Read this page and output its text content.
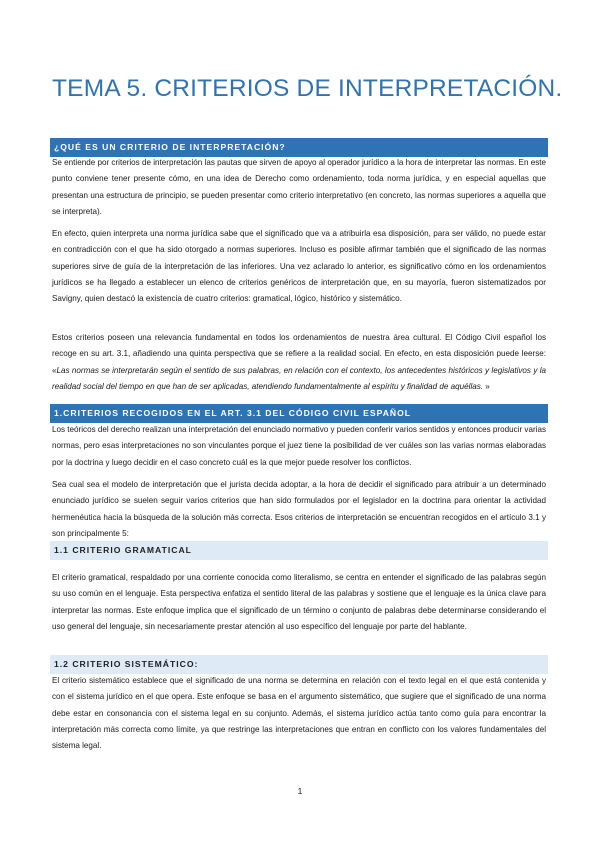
TEMA 5. CRITERIOS DE INTERPRETACIÓN.
¿QUÉ ES UN CRITERIO DE INTERPRETACIÓN?

Se entiende por criterios de interpretación las pautas que sirven de apoyo al operador jurídico a la hora de interpretar las normas. En este punto conviene tener presente cómo, en una idea de Derecho como ordenamiento, toda norma jurídica, y en especial aquellas que presentan una estructura de principio, se pueden presentar como criterio interpretativo (en concreto, las normas superiores a aquella que se interpreta).

En efecto, quien interpreta una norma jurídica sabe que el significado que va a atribuirla esa disposición, para ser válido, no puede estar en contradicción con el que ha sido otorgado a normas superiores. Incluso es posible afirmar también que el significado de las normas superiores sirve de guía de la interpretación de las inferiores. Una vez aclarado lo anterior, es significativo cómo en los ordenamientos jurídicos se ha llegado a establecer un elenco de criterios genéricos de interpretación que, en su mayoría, fueron sistematizados por Savigny, quien destacó la existencia de cuatro criterios: gramatical, lógico, histórico y sistemático.

Estos criterios poseen una relevancia fundamental en todos los ordenamientos de nuestra área cultural. El Código Civil español los recoge en su art. 3.1, añadiendo una quinta perspectiva que se refiere a la realidad social. En efecto, en esta disposición puede leerse: «Las normas se interpretarán según el sentido de sus palabras, en relación con el contexto, los antecedentes históricos y legislativos y la realidad social del tiempo en que han de ser aplicadas, atendiendo fundamentalmente al espíritu y finalidad de aquéllas. »

1.CRITERIOS RECOGIDOS EN EL ART. 3.1 DEL CÓDIGO CIVIL ESPAÑOL

Los teóricos del derecho realizan una interpretación del enunciado normativo y pueden conferir varios sentidos y entonces producir varias normas, pero esas interpretaciones no son vinculantes porque el juez tiene la posibilidad de ver cuáles son las varias normas elaboradas por la doctrina y luego decidir en el caso concreto cuál es la que mejor puede resolver los conflictos.

Sea cual sea el modelo de interpretación que el jurista decida adoptar, a la hora de decidir el significado para atribuir a un determinado enunciado jurídico se suelen seguir varios criterios que han sido formulados por el legislador en la doctrina para orientar la actividad hermenéutica hacia la búsqueda de la solución más correcta. Esos criterios de interpretación se encuentran recogidos en el artículo 3.1 y son principalmente 5:

1.1 CRITERIO GRAMATICAL

El criterio gramatical, respaldado por una corriente conocida como literalismo, se centra en entender el significado de las palabras según su uso común en el lenguaje. Esta perspectiva enfatiza el sentido literal de las palabras y sostiene que el lenguaje es la única clave para interpretar las normas. Este enfoque implica que el significado de un término o conjunto de palabras debe determinarse considerando el uso general del lenguaje, sin necesariamente prestar atención al uso específico del lenguaje por parte del hablante.

1.2 CRITERIO SISTEMÁTICO:

El criterio sistemático establece que el significado de una norma se determina en relación con el texto legal en el que está contenida y con el sistema jurídico en el que opera. Este enfoque se basa en el argumento sistemático, que sugiere que el significado de una norma debe estar en consonancia con el sistema legal en su conjunto. Además, el sistema jurídico actúa tanto como guía para encontrar la interpretación más correcta como límite, ya que restringe las interpretaciones que entran en conflicto con los valores fundamentales del sistema legal.

1
